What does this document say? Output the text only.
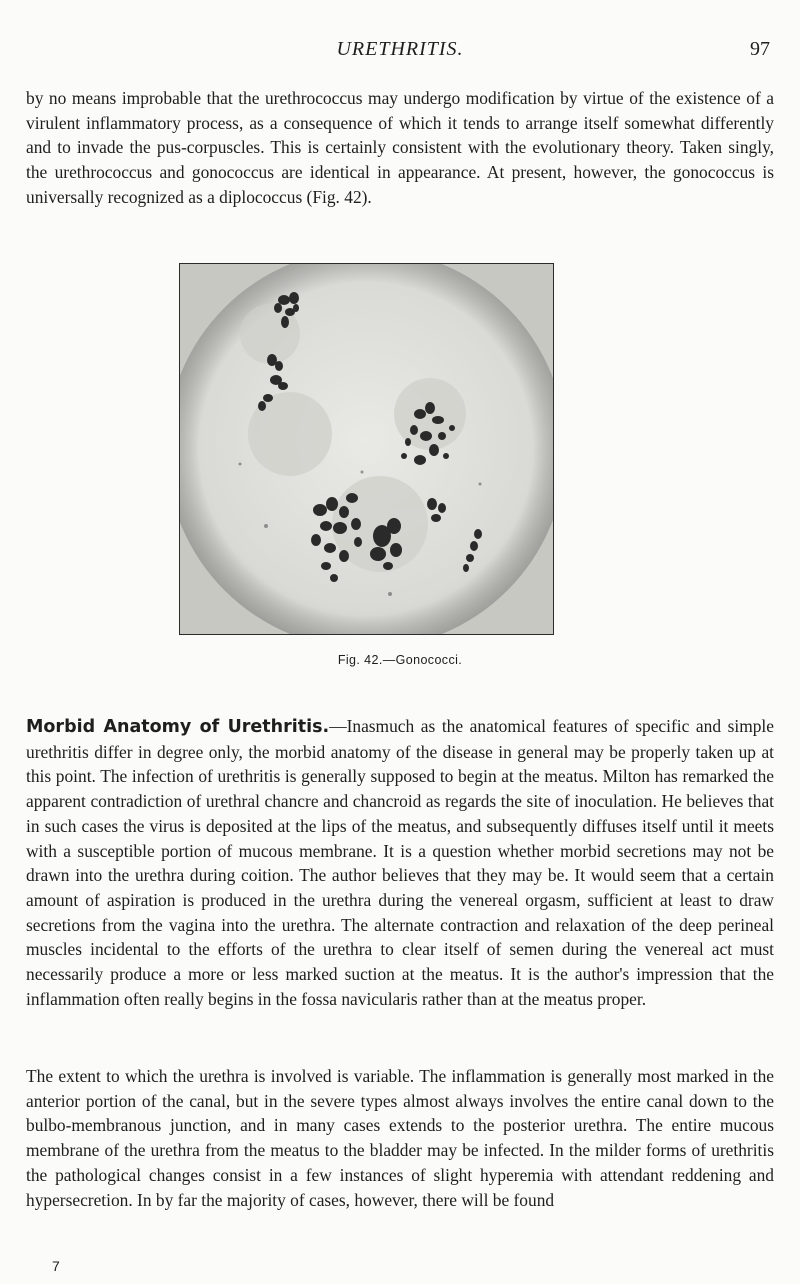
URETHRITIS.	97

by no means improbable that the urethrococcus may undergo modification by virtue of the existence of a virulent inflammatory process, as a consequence of which it tends to arrange itself somewhat differently and to invade the pus-corpuscles. This is certainly consistent with the evolutionary theory. Taken singly, the urethrococcus and gonococcus are identical in appearance. At present, however, the gonococcus is universally recognized as a diplococcus (Fig. 42).

Fig. 42.—Gonococci.

Morbid Anatomy of Urethritis.—Inasmuch as the anatomical features of specific and simple urethritis differ in degree only, the morbid anatomy of the disease in general may be properly taken up at this point. The infection of urethritis is generally supposed to begin at the meatus. Milton has remarked the apparent contradiction of urethral chancre and chancroid as regards the site of inoculation. He believes that in such cases the virus is deposited at the lips of the meatus, and subsequently diffuses itself until it meets with a susceptible portion of mucous membrane. It is a question whether morbid secretions may not be drawn into the urethra during coition. The author believes that they may be. It would seem that a certain amount of aspiration is produced in the urethra during the venereal orgasm, sufficient at least to draw secretions from the vagina into the urethra. The alternate contraction and relaxation of the deep perineal muscles incidental to the efforts of the urethra to clear itself of semen during the venereal act must necessarily produce a more or less marked suction at the meatus. It is the author's impression that the inflammation often really begins in the fossa navicularis rather than at the meatus proper.

The extent to which the urethra is involved is variable. The inflammation is generally most marked in the anterior portion of the canal, but in the severe types almost always involves the entire canal down to the bulbo-membranous junction, and in many cases extends to the posterior urethra. The entire mucous membrane of the urethra from the meatus to the bladder may be infected. In the milder forms of urethritis the pathological changes consist in a few instances of slight hyperemia with attendant reddening and hypersecretion. In by far the majority of cases, however, there will be found

7
